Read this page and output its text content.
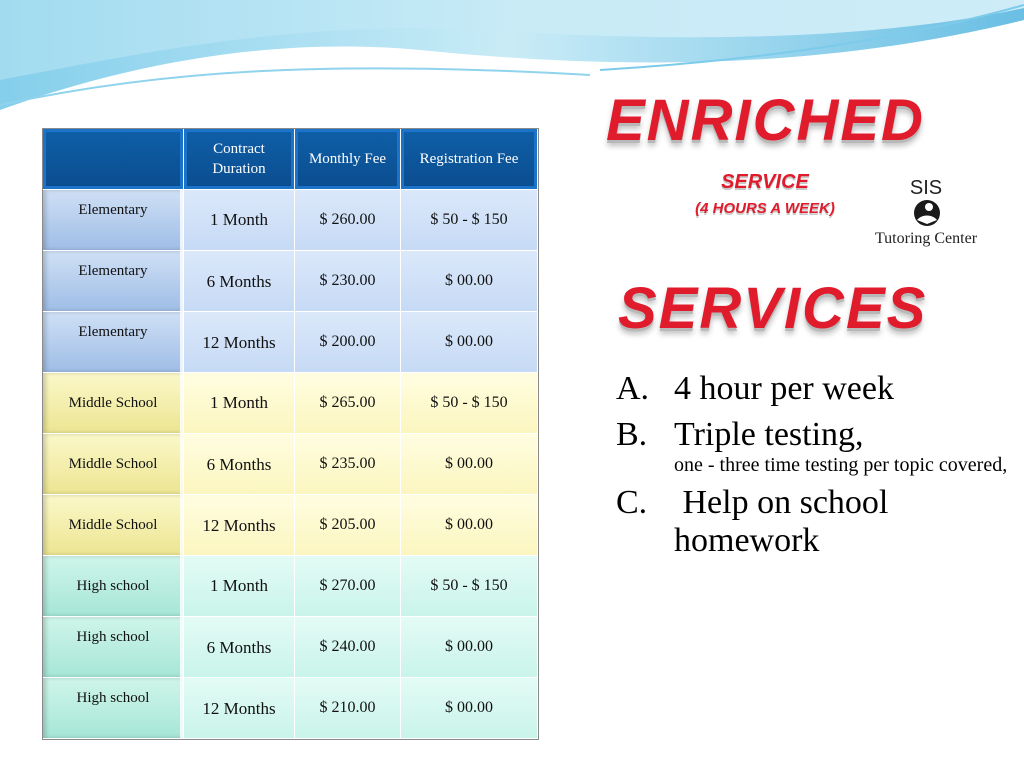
	Contract Duration	Monthly Fee	Registration Fee
Elementary	1 Month	$ 260.00	$ 50 - $ 150
Elementary	6 Months	$ 230.00	$ 00.00
Elementary	12 Months	$ 200.00	$ 00.00
Middle School	1 Month	$ 265.00	$ 50 - $ 150
Middle School	6 Months	$ 235.00	$ 00.00
Middle School	12 Months	$ 205.00	$ 00.00
High school	1 Month	$ 270.00	$ 50 - $ 150
High school	6 Months	$ 240.00	$ 00.00
High school	12 Months	$ 210.00	$ 00.00
ENRICHED
SERVICE
(4 HOURS A WEEK)
SIS
Tutoring Center
SERVICES
A. 4 hour per week
B. Triple testing,
one - three time testing per topic covered,
C. Help on school homework
